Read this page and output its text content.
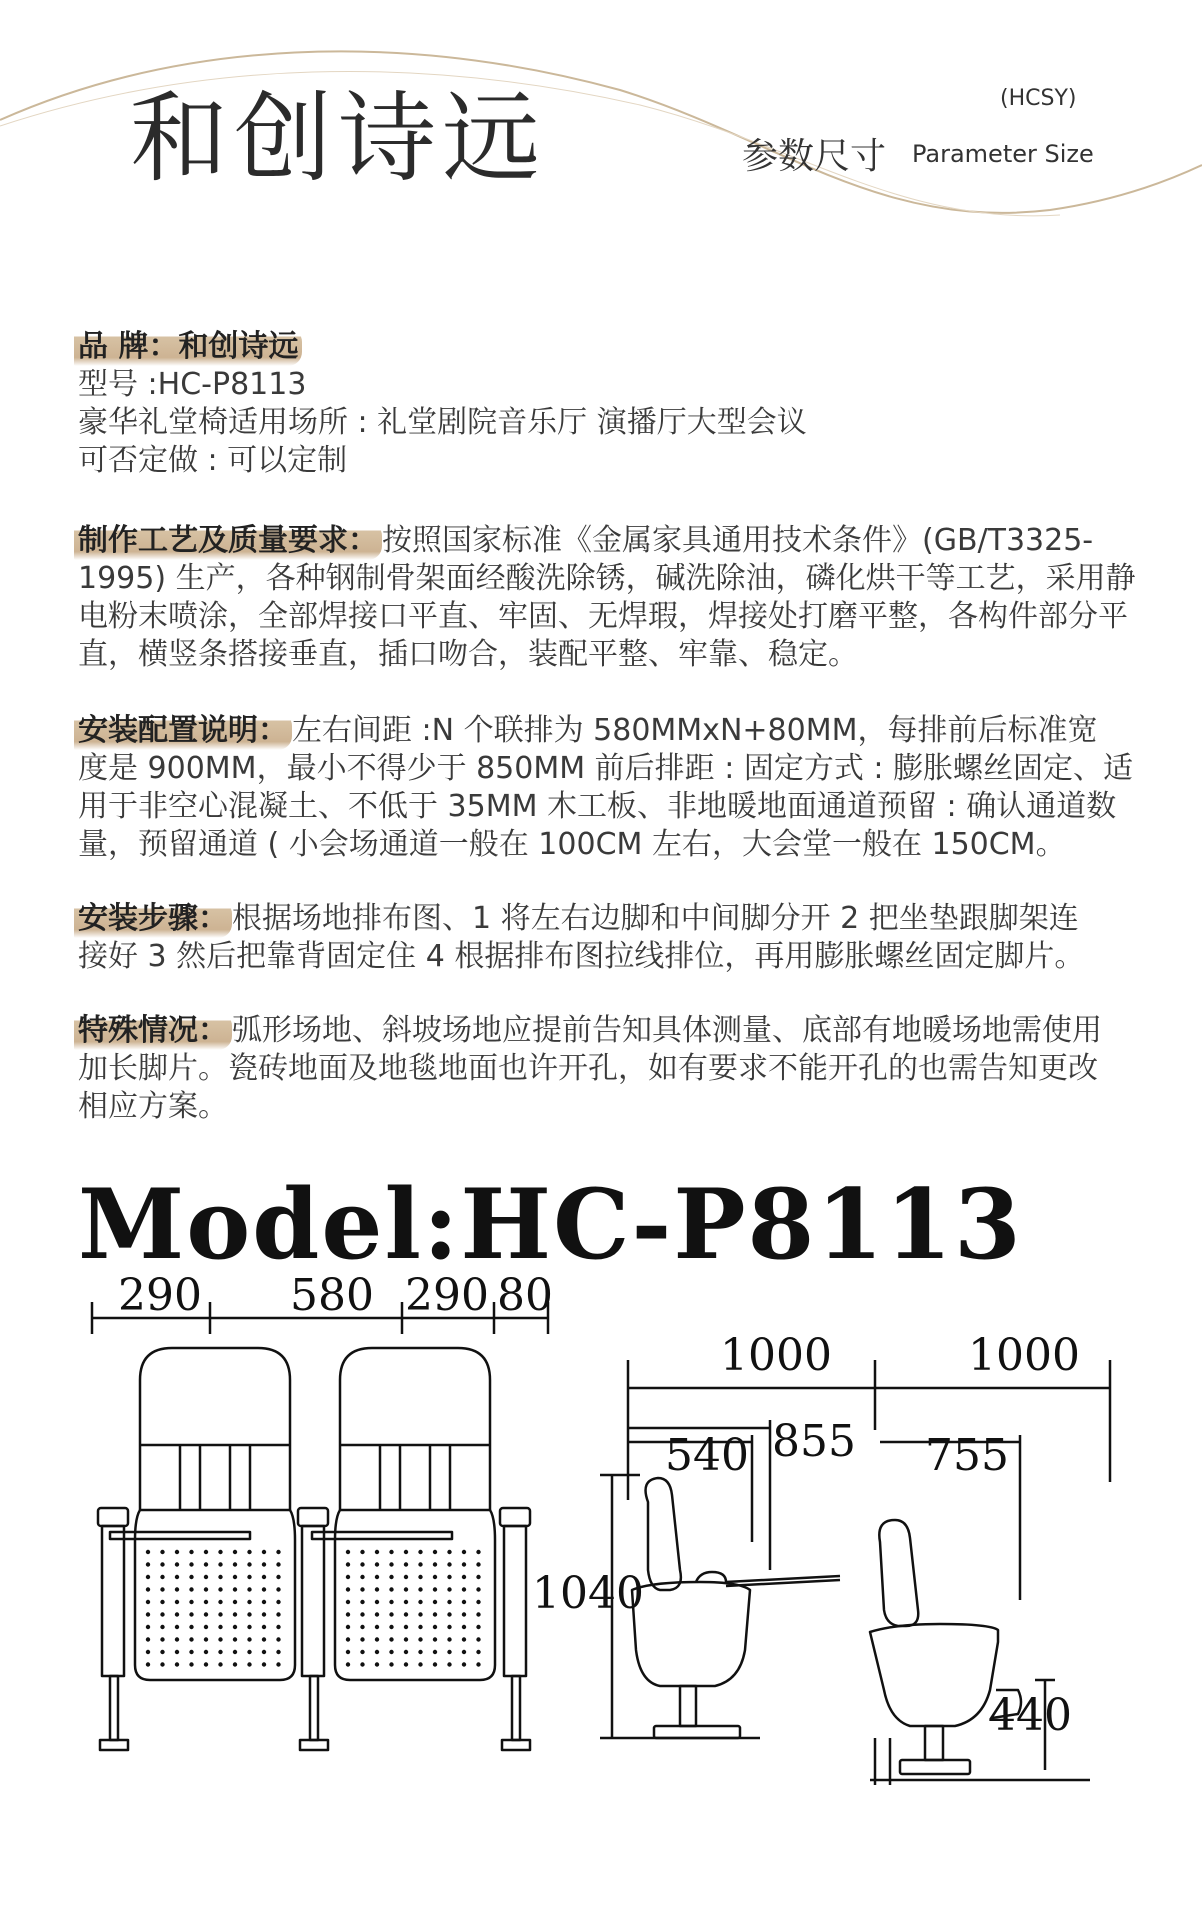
和创诗远	(HCSY)
参数尺寸 Parameter Size
品 牌：和创诗远
型号 :HC-P8113
豪华礼堂椅适用场所 : 礼堂剧院音乐厅 演播厅大型会议
可否定做 : 可以定制
制作工艺及质量要求： 按照国家标准《金属家具通用技术条件》(GB/T3325-
1995) 生产，各种钢制骨架面经酸洗除锈，碱洗除油，磷化烘干等工艺，采用静
电粉末喷涂，全部焊接口平直、牢固、无焊瑕，焊接处打磨平整，各构件部分平
直，横竖条搭接垂直，插口吻合，装配平整、牢靠、稳定。
安装配置说明： 左右间距 :N 个联排为 580MMxN+80MM，每排前后标准宽
度是 900MM，最小不得少于 850MM 前后排距 : 固定方式 : 膨胀螺丝固定、适
用于非空心混凝土、不低于 35MM 木工板、非地暖地面通道预留 : 确认通道数
量，预留通道 ( 小会场通道一般在 100CM 左右，大会堂一般在 150CM。
安装步骤： 根据场地排布图、1 将左右边脚和中间脚分开 2 把坐垫跟脚架连
接好 3 然后把靠背固定住 4 根据排布图拉线排位，再用膨胀螺丝固定脚片。
特殊情况： 弧形场地、斜坡场地应提前告知具体测量、底部有地暖场地需使用
加长脚片。瓷砖地面及地毯地面也许开孔，如有要求不能开孔的也需告知更改
相应方案。
Model:HC-P8113
290 580 290 80
1000	1000
540 855 755
1040
440
